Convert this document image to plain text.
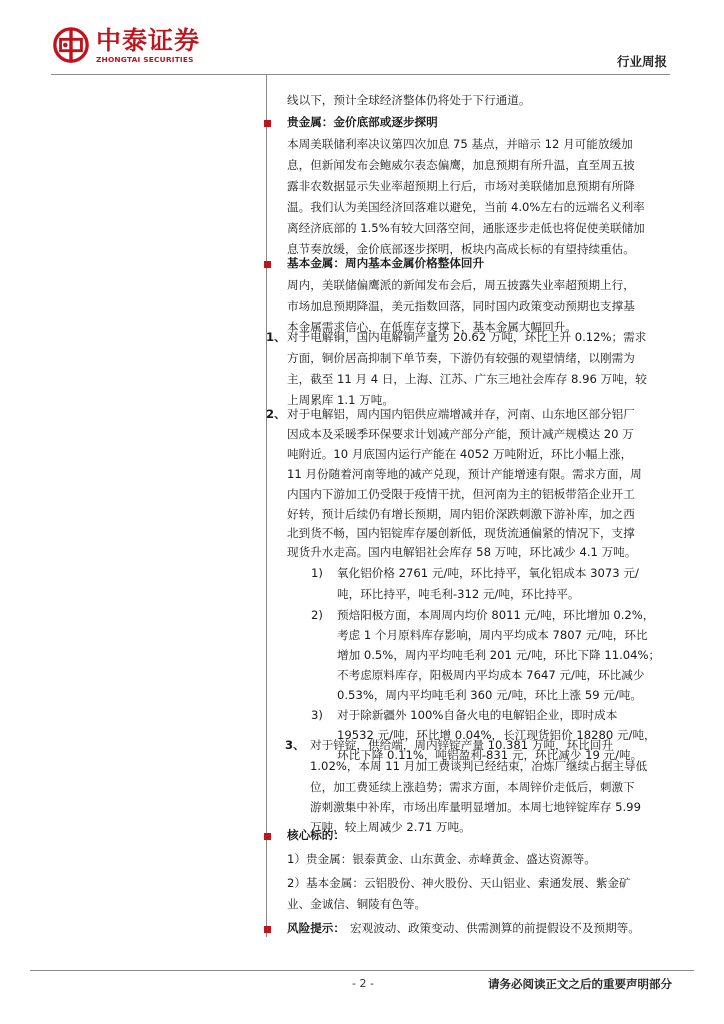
中泰证券
ZHONGTAI SECURITIES	行业周报
线以下，预计全球经济整体仍将处于下行通道。
贵金属：金价底部或逐步探明
本周美联储利率决议第四次加息 75 基点，并暗示 12 月可能放缓加
息，但新闻发布会鲍威尔表态偏鹰，加息预期有所升温，直至周五披
露非农数据显示失业率超预期上行后，市场对美联储加息预期有所降
温。我们认为美国经济回落难以避免，当前 4.0%左右的远端名义利率
离经济底部的 1.5%有较大回落空间，通胀逐步走低也将促使美联储加
息节奏放缓，金价底部逐步探明，板块内高成长标的有望持续重估。
基本金属：周内基本金属价格整体回升
周内，美联储偏鹰派的新闻发布会后，周五披露失业率超预期上行，
市场加息预期降温，美元指数回落，同时国内政策变动预期也支撑基
本金属需求信心，在低库存支撑下，基本金属大幅回升。
1、 对于电解铜，国内电解铜产量为 20.62 万吨，环比上升 0.12%；需求
方面，铜价居高抑制下单节奏，下游仍有较强的观望情绪，以刚需为
主，截至 11 月 4 日，上海、江苏、广东三地社会库存 8.96 万吨，较
上周累库 1.1 万吨。
2、 对于电解铝，周内国内铝供应端增减并存，河南、山东地区部分铝厂
因成本及采暖季环保要求计划减产部分产能，预计减产规模达 20 万
吨附近。10 月底国内运行产能在 4052 万吨附近，环比小幅上涨，
11 月份随着河南等地的减产兑现，预计产能增速有限。需求方面，周
内国内下游加工仍受限于疫情干扰，但河南为主的铝板带箔企业开工
好转，预计后续仍有增长预期，周内铝价深跌刺激下游补库，加之西
北到货不畅，国内铝锭库存屡创新低，现货流通偏紧的情况下，支撑
现货升水走高。国内电解铝社会库存 58 万吨，环比减少 4.1 万吨。
1) 氧化铝价格 2761 元/吨，环比持平，氧化铝成本 3073 元/
吨，环比持平，吨毛利-312 元/吨，环比持平。
2) 预焙阳极方面，本周周内均价 8011 元/吨，环比增加 0.2%，
考虑 1 个月原料库存影响，周内平均成本 7807 元/吨，环比
增加 0.5%，周内平均吨毛利 201 元/吨，环比下降 11.04%；
不考虑原料库存，阳极周内平均成本 7647 元/吨，环比减少
0.53%，周内平均吨毛利 360 元/吨，环比上涨 59 元/吨。
3) 对于除新疆外 100%自备火电的电解铝企业，即时成本
19532 元/吨，环比增 0.04%，长江现货铝价 18280 元/吨，
环比下降 0.11%，吨铝盈利-831 元，环比减少 19 元/吨。
3、 对于锌锭，供给端，周内锌锭产量 10.381 万吨，环比回升
1.02%，本周 11 月加工费谈判已经结束，冶炼厂继续占据主导低
位，加工费延续上涨趋势；需求方面，本周锌价走低后，刺激下
游刺激集中补库，市场出库量明显增加。本周七地锌锭库存 5.99
万吨，较上周减少 2.71 万吨。
核心标的：
1）贵金属：银泰黄金、山东黄金、赤峰黄金、盛达资源等。
2）基本金属：云铝股份、神火股份、天山铝业、索通发展、紫金矿
业、金诚信、铜陵有色等。
风险提示： 宏观波动、政策变动、供需测算的前提假设不及预期等。
- 2 -	请务必阅读正文之后的重要声明部分
